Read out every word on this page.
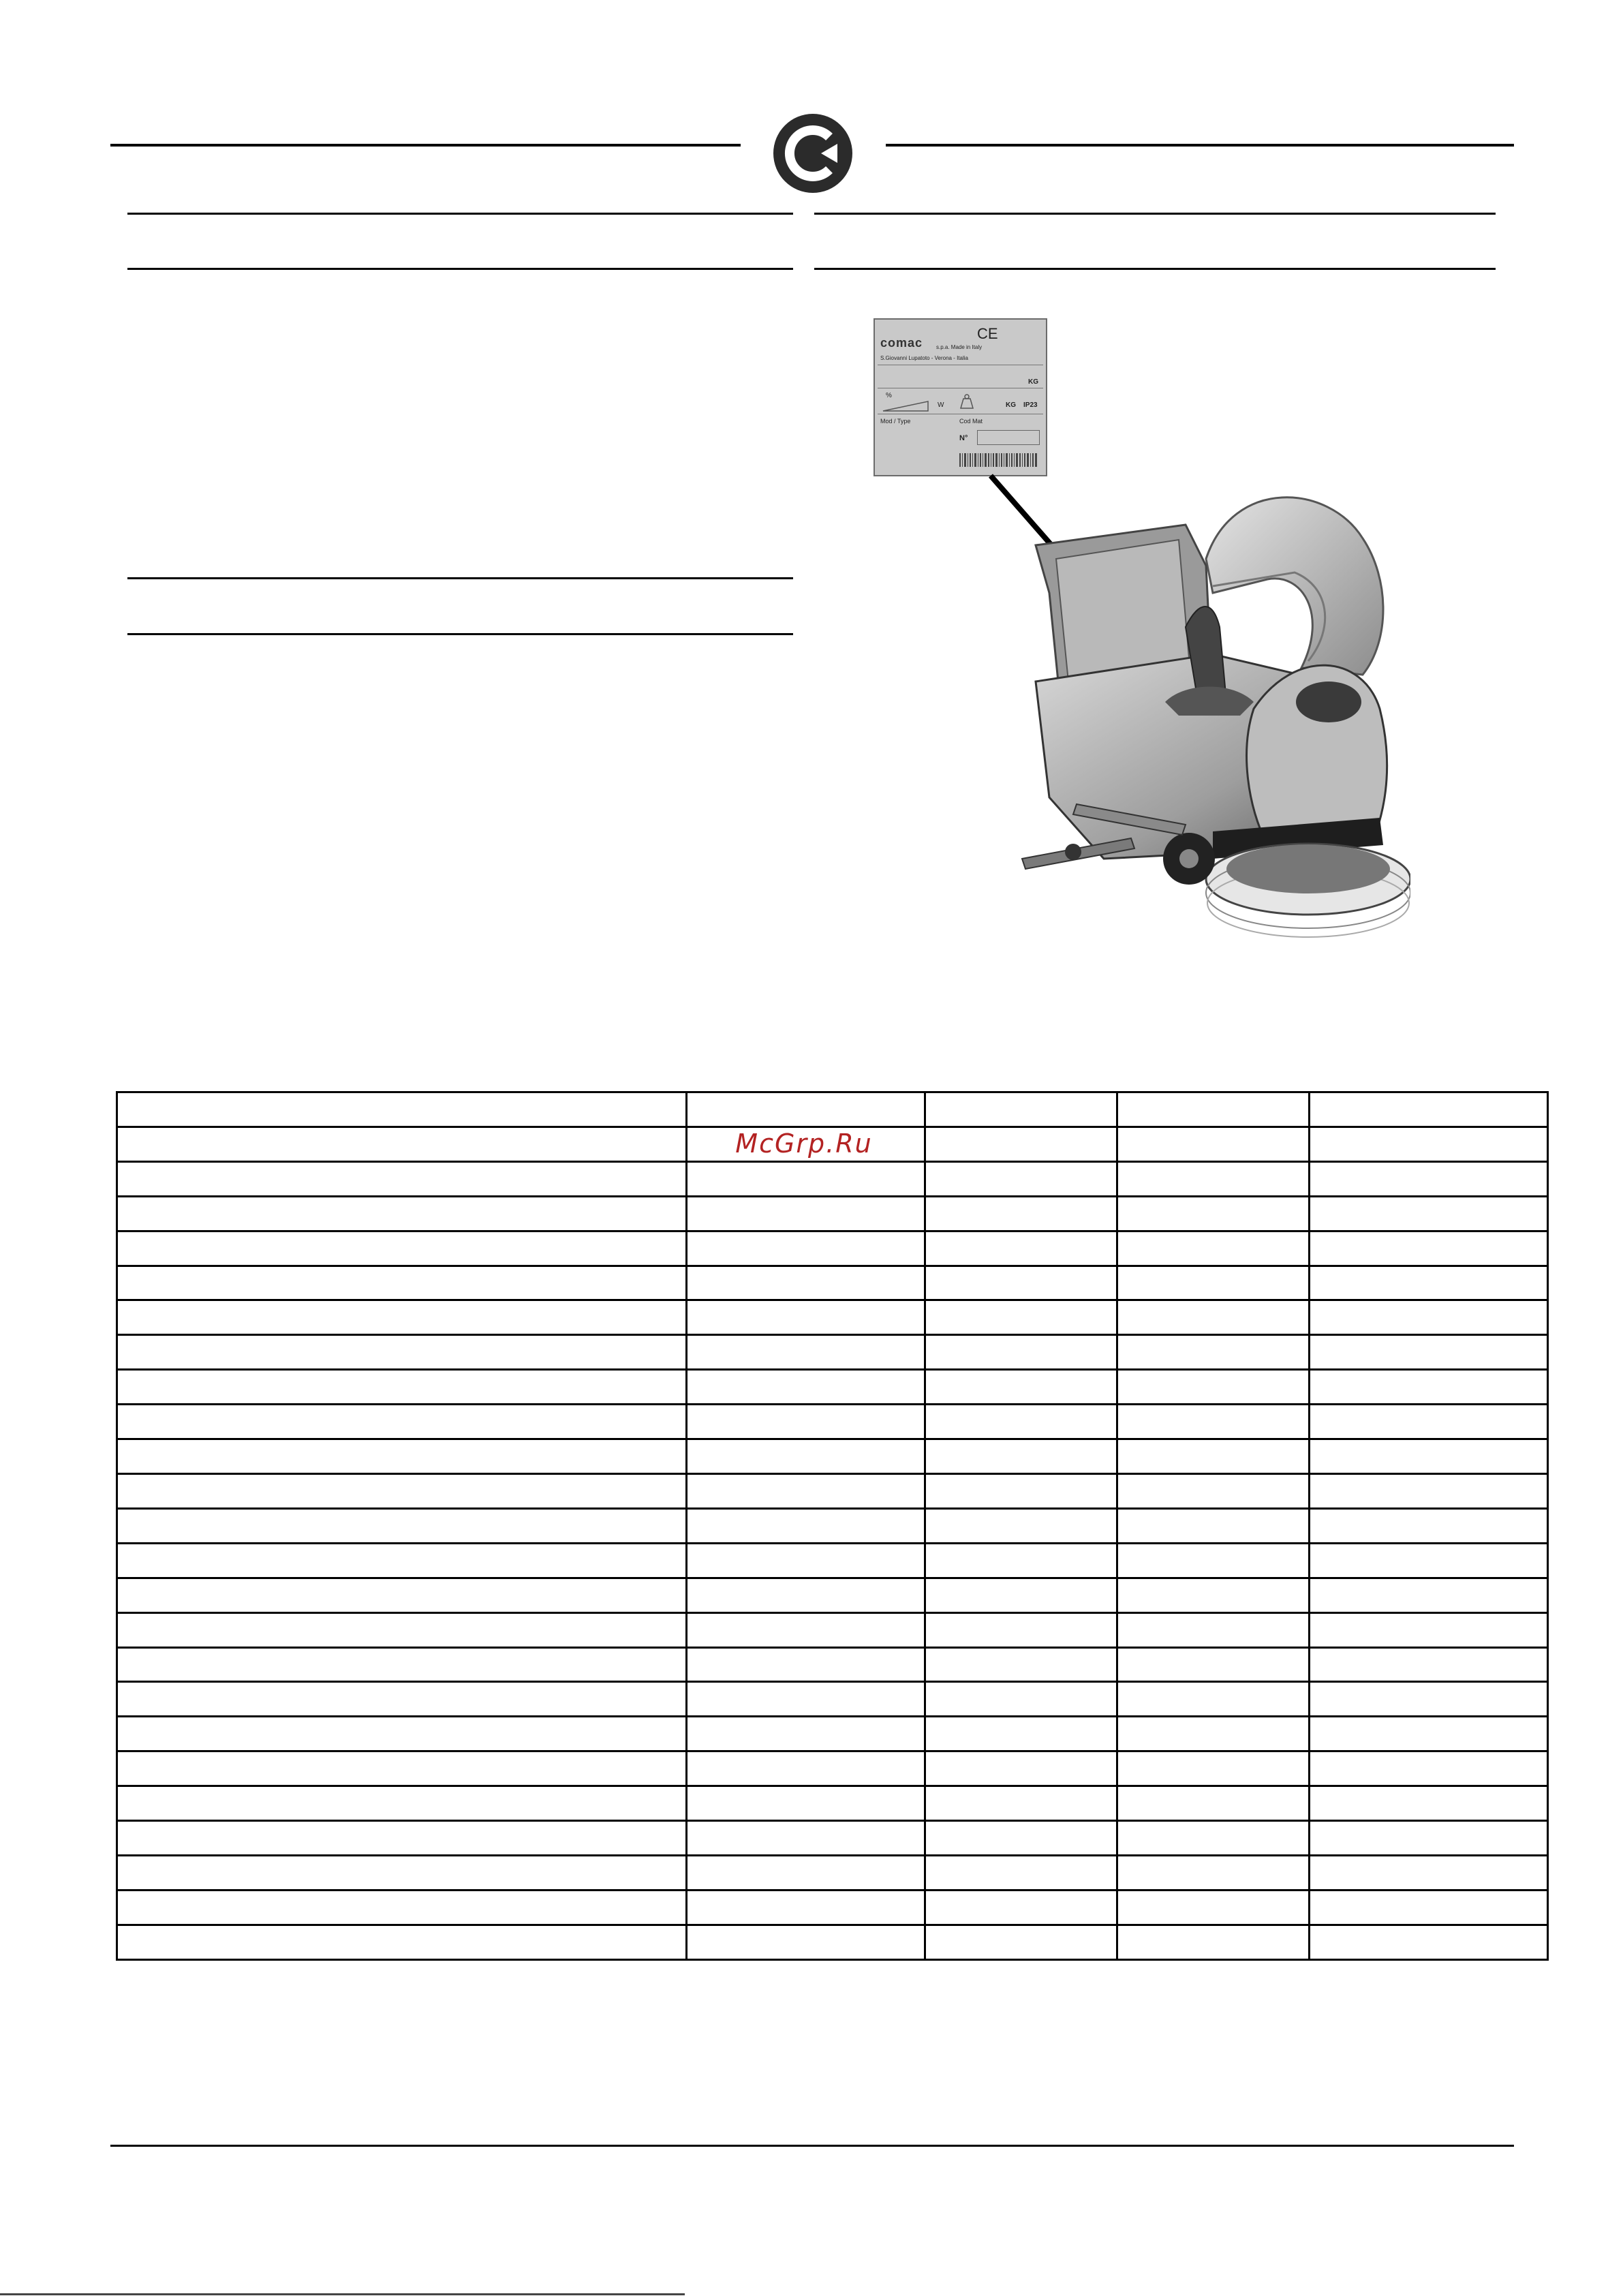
comac
CE
s.p.a. Made in Italy
S.Giovanni Lupatoto - Verona - Italia
KG
%
W	KG IP23
Mod / Type	Cod Mat
N°
McGrp.Ru
